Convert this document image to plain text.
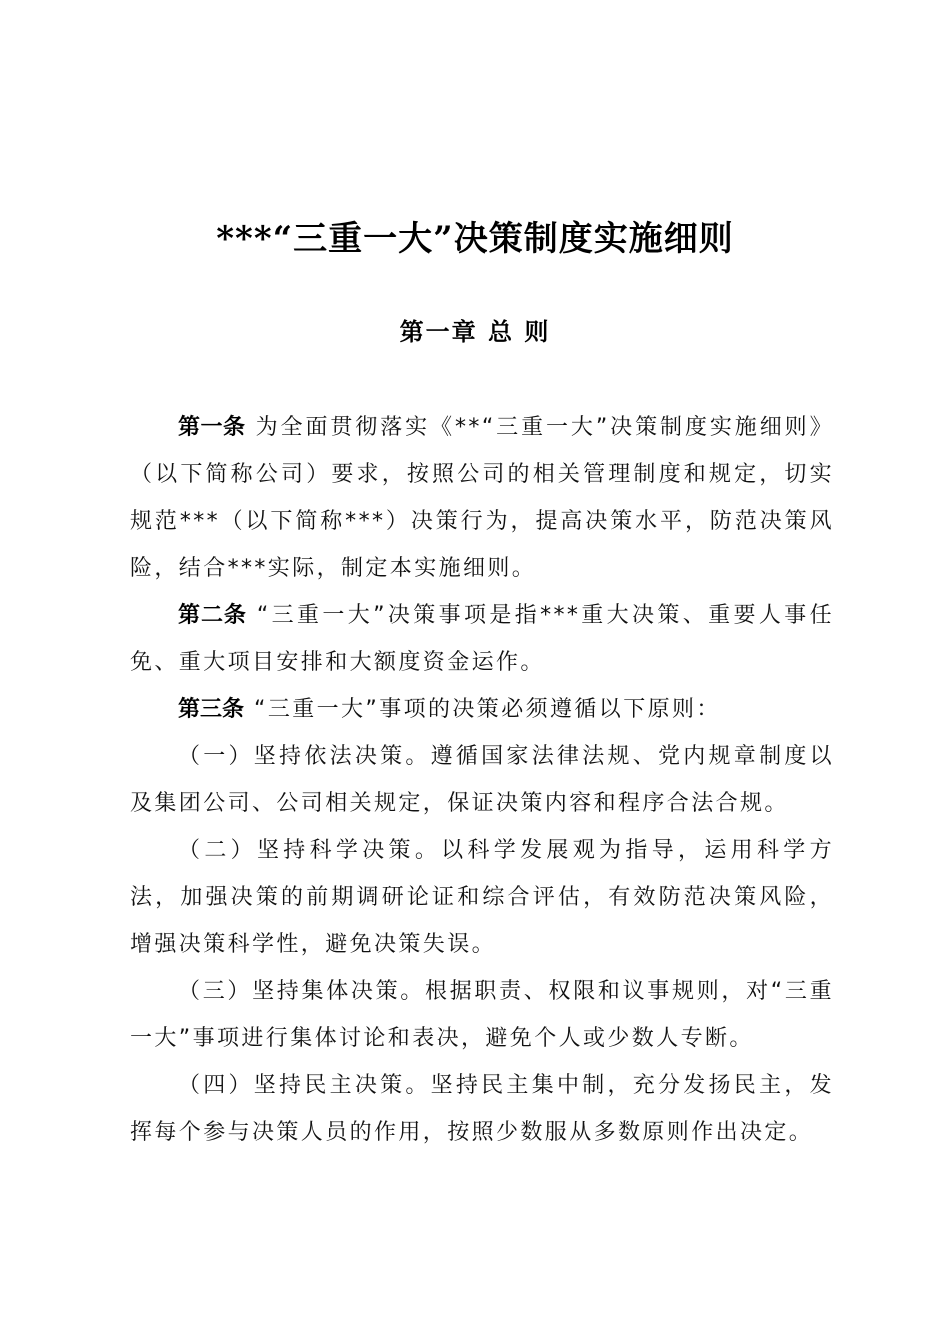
***“三重一大”决策制度实施细则
第一章 总 则

第一条 为全面贯彻落实《**“三重一大”决策制度实施细则》（以下简称公司）要求，按照公司的相关管理制度和规定，切实规范***（以下简称***）决策行为，提高决策水平，防范决策风险，结合***实际，制定本实施细则。

第二条 “三重一大”决策事项是指***重大决策、重要人事任免、重大项目安排和大额度资金运作。

第三条 “三重一大”事项的决策必须遵循以下原则：

（一）坚持依法决策。遵循国家法律法规、党内规章制度以及集团公司、公司相关规定，保证决策内容和程序合法合规。

（二）坚持科学决策。以科学发展观为指导，运用科学方法，加强决策的前期调研论证和综合评估，有效防范决策风险，增强决策科学性，避免决策失误。

（三）坚持集体决策。根据职责、权限和议事规则，对“三重一大”事项进行集体讨论和表决，避免个人或少数人专断。

（四）坚持民主决策。坚持民主集中制，充分发扬民主，发挥每个参与决策人员的作用，按照少数服从多数原则作出决定。
